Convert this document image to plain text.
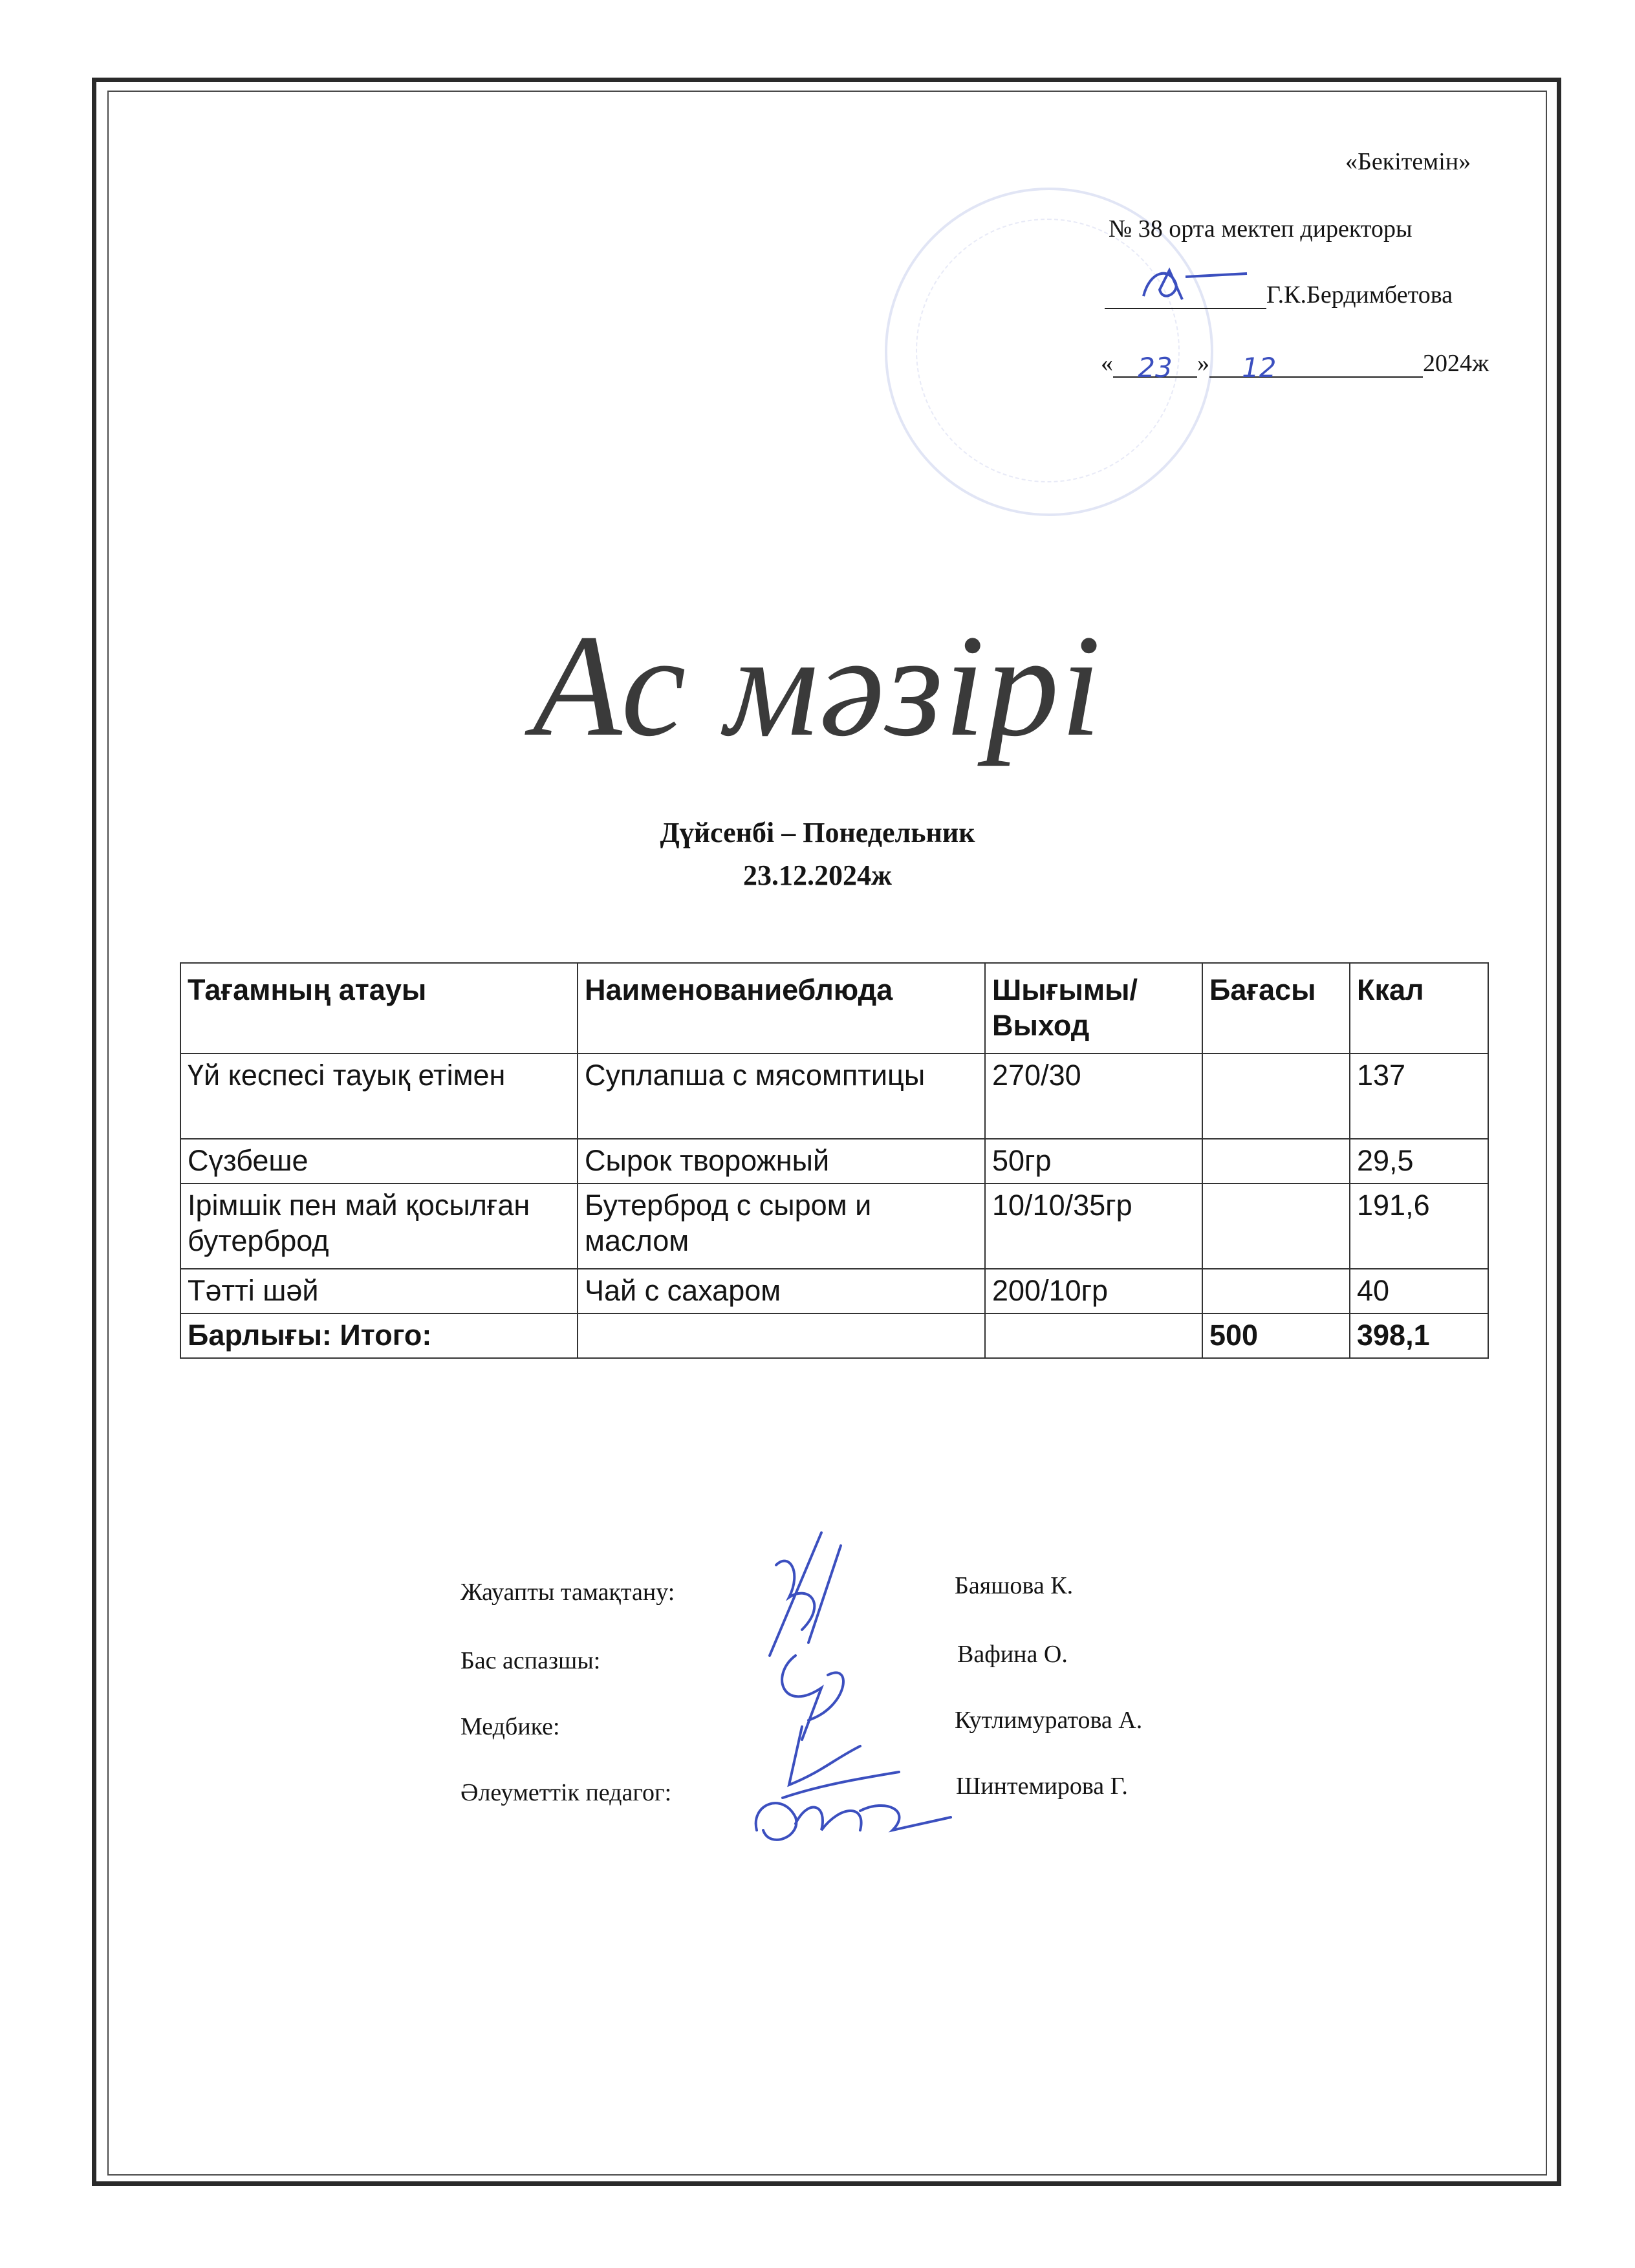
«Бекітемін»
№ 38 орта мектеп директоры
Г.К.Бердимбетова
« 23 » 12	2024ж
Ас мәзірі
Дүйсенбі – Понедельник
23.12.2024ж
Тағамның атауы	Наименованиеблюда	Шығымы/ Выход	Бағасы	Ккал
Үй кеспесі тауық етімен	Суплапша с мясомптицы	270/30		137
Сүзбеше	Сырок творожный	50гр		29,5
Ірімшік пен май қосылған бутерброд	Бутерброд с сыром и маслом	10/10/35гр		191,6
Тәтті шәй	Чай с сахаром	200/10гр		40
Барлығы: Итого:			500	398,1
Жауапты тамақтану:	Баяшова К.
Бас аспазшы:	Вафина О.
Медбике:	Кутлимуратова А.
Әлеуметтік педагог:	Шинтемирова Г.
